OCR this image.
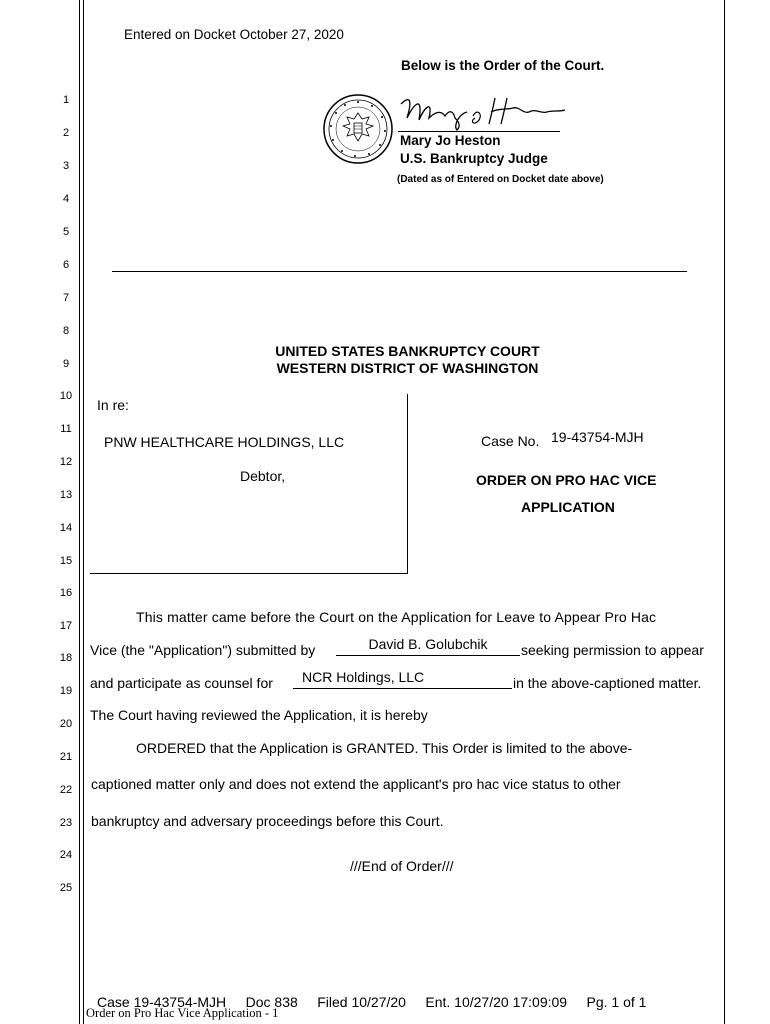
Entered on Docket October 27, 2020
Below is the Order of the Court.
Mary Jo Heston
U.S. Bankruptcy Judge
(Dated as of Entered on Docket date above)
1
2
3
4
5
6
7
8
9
10
11
12
13
14
15
16
17
18
19
20
21
22
23
24
25
UNITED STATES BANKRUPTCY COURT
WESTERN DISTRICT OF WASHINGTON
In re:
PNW HEALTHCARE HOLDINGS, LLC
Debtor,
Case No. 19-43754-MJH
ORDER ON PRO HAC VICE
APPLICATION
This matter came before the Court on the Application for Leave to Appear Pro Hac
Vice (the "Application") submitted by	David B. Golubchik	seeking permission to appear
and participate as counsel for	NCR Holdings, LLC	in the above-captioned matter.
The Court having reviewed the Application, it is hereby
ORDERED that the Application is GRANTED. This Order is limited to the above-
captioned matter only and does not extend the applicant's pro hac vice status to other
bankruptcy and adversary proceedings before this Court.
///End of Order///
Case 19-43754-MJH     Doc 838     Filed 10/27/20     Ent. 10/27/20 17:09:09     Pg. 1 of 1
Order on Pro Hac Vice Application - 1
